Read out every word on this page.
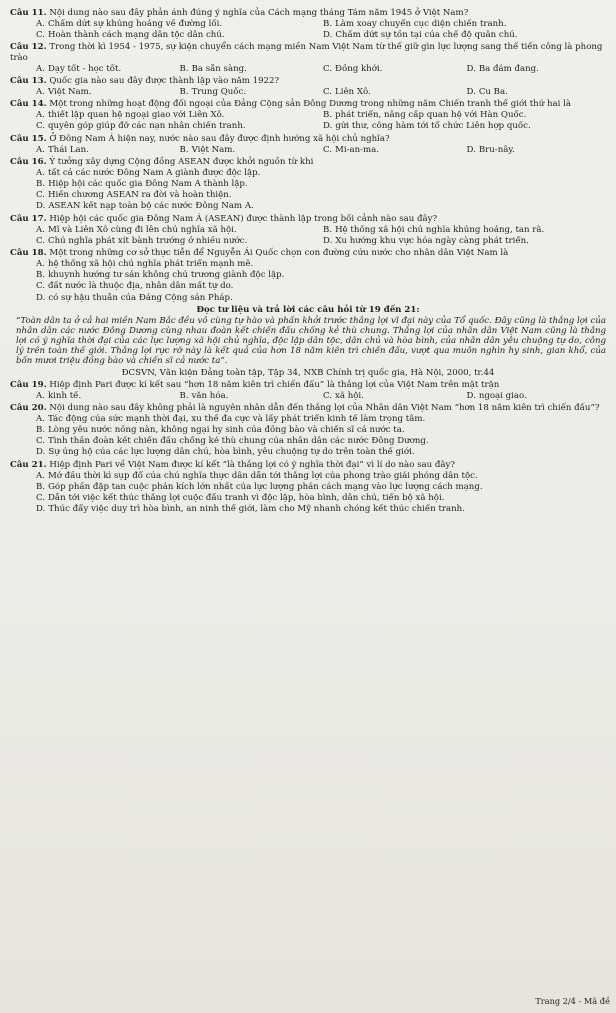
Câu 11. Nội dung nào sau đây phản ánh đúng ý nghĩa của Cách mạng tháng Tám năm 1945 ở Việt Nam?
A. Chấm dứt sự khủng hoảng về đường lối.	B. Làm xoay chuyển cục diện chiến tranh.
C. Hoàn thành cách mạng dân tộc dân chủ.	D. Chấm dứt sự tồn tại của chế độ quân chủ.
Câu 12. Trong thời kì 1954 - 1975, sự kiện chuyển cách mạng miền Nam Việt Nam từ thế giữ gìn lực lượng sang thế tiến công là phong trào
A. Dạy tốt - học tốt.	B. Ba sẵn sàng.	C. Đồng khởi.	D. Ba đảm đang.
Câu 13. Quốc gia nào sau đây được thành lập vào năm 1922?
A. Việt Nam.	B. Trung Quốc.	C. Liên Xô.	D. Cu Ba.
Câu 14. Một trong những hoạt động đối ngoại của Đảng Cộng sản Đông Dương trong những năm Chiến tranh thế giới thứ hai là
A. thiết lập quan hệ ngoại giao với Liên Xô.	B. phát triển, nâng cấp quan hệ với Hàn Quốc.
C. quyên góp giúp đỡ các nạn nhân chiến tranh.	D. gửi thư, công hàm tới tổ chức Liên hợp quốc.
Câu 15. Ở Đông Nam Á hiện nay, nước nào sau đây được định hướng xã hội chủ nghĩa?
A. Thái Lan.	B. Việt Nam.	C. Mi-an-ma.	D. Bru-nây.
Câu 16. Ý tưởng xây dựng Cộng đồng ASEAN được khởi nguồn từ khi
A. tất cả các nước Đông Nam Á giành được độc lập.
B. Hiệp hội các quốc gia Đông Nam Á thành lập.
C. Hiến chương ASEAN ra đời và hoàn thiện.
D. ASEAN kết nạp toàn bộ các nước Đông Nam Á.
Câu 17. Hiệp hội các quốc gia Đông Nam Á (ASEAN) được thành lập trong bối cảnh nào sau đây?
A. Mĩ và Liên Xô cùng đi lên chủ nghĩa xã hội.	B. Hệ thống xã hội chủ nghĩa khủng hoảng, tan rã.
C. Chủ nghĩa phát xít bành trướng ở nhiều nước.	D. Xu hướng khu vực hóa ngày càng phát triển.
Câu 18. Một trong những cơ sở thực tiễn để Nguyễn Ái Quốc chọn con đường cứu nước cho nhân dân Việt Nam là
A. hệ thống xã hội chủ nghĩa phát triển mạnh mẽ.
B. khuynh hướng tư sản không chủ trương giành độc lập.
C. đất nước là thuộc địa, nhân dân mất tự do.
D. có sự hậu thuẫn của Đảng Cộng sản Pháp.
Đọc tư liệu và trả lời các câu hỏi từ 19 đến 21:
“Toàn dân ta ở cả hai miền Nam Bắc đều vô cùng tự hào và phấn khởi trước thắng lợi vĩ đại này của Tổ quốc. Đây cũng là thắng lợi của nhân dân các nước Đông Dương cùng nhau đoàn kết chiến đấu chống kẻ thù chung. Thắng lợi của nhân dân Việt Nam cũng là thắng lợi có ý nghĩa thời đại của các lực lượng xã hội chủ nghĩa, độc lập dân tộc, dân chủ và hòa bình, của nhân dân yêu chuộng tự do, công lý trên toàn thế giới. Thắng lợi rực rỡ này là kết quả của hơn 18 năm kiên trì chiến đấu, vượt qua muôn nghìn hy sinh, gian khổ, của bốn mươi triệu đồng bào và chiến sĩ cả nước ta”.
ĐCSVN, Văn kiện Đảng toàn tập, Tập 34, NXB Chính trị quốc gia, Hà Nội, 2000, tr.44
Câu 19. Hiệp định Pari được kí kết sau “hơn 18 năm kiên trì chiến đấu” là thắng lợi của Việt Nam trên mặt trận
A. kinh tế.	B. văn hóa.	C. xã hội.	D. ngoại giao.
Câu 20. Nội dung nào sau đây không phải là nguyên nhân dẫn đến thắng lợi của Nhân dân Việt Nam “hơn 18 năm kiên trì chiến đấu”?
A. Tác động của sức mạnh thời đại, xu thế đa cực và lấy phát triển kinh tế làm trọng tâm.
B. Lòng yêu nước nồng nàn, không ngại hy sinh của đồng bào và chiến sĩ cả nước ta.
C. Tình thần đoàn kết chiến đấu chống kẻ thù chung của nhân dân các nước Đông Dương.
D. Sự ủng hộ của các lực lượng dân chủ, hòa bình, yêu chuộng tự do trên toàn thế giới.
Câu 21. Hiệp định Pari về Việt Nam được kí kết “là thắng lợi có ý nghĩa thời đại” vì lí do nào sau đây?
A. Mở đầu thời kì sụp đổ của chủ nghĩa thực dân dẫn tới thắng lợi của phong trào giải phóng dân tộc.
B. Góp phần đập tan cuộc phản kích lớn nhất của lực lượng phản cách mạng vào lực lượng cách mạng.
C. Dẫn tới việc kết thúc thắng lợi cuộc đấu tranh vì độc lập, hòa bình, dân chủ, tiến bộ xã hội.
D. Thúc đẩy việc duy trì hòa bình, an ninh thế giới, làm cho Mỹ nhanh chóng kết thúc chiến tranh.
Trang 2/4 - Mã đề
